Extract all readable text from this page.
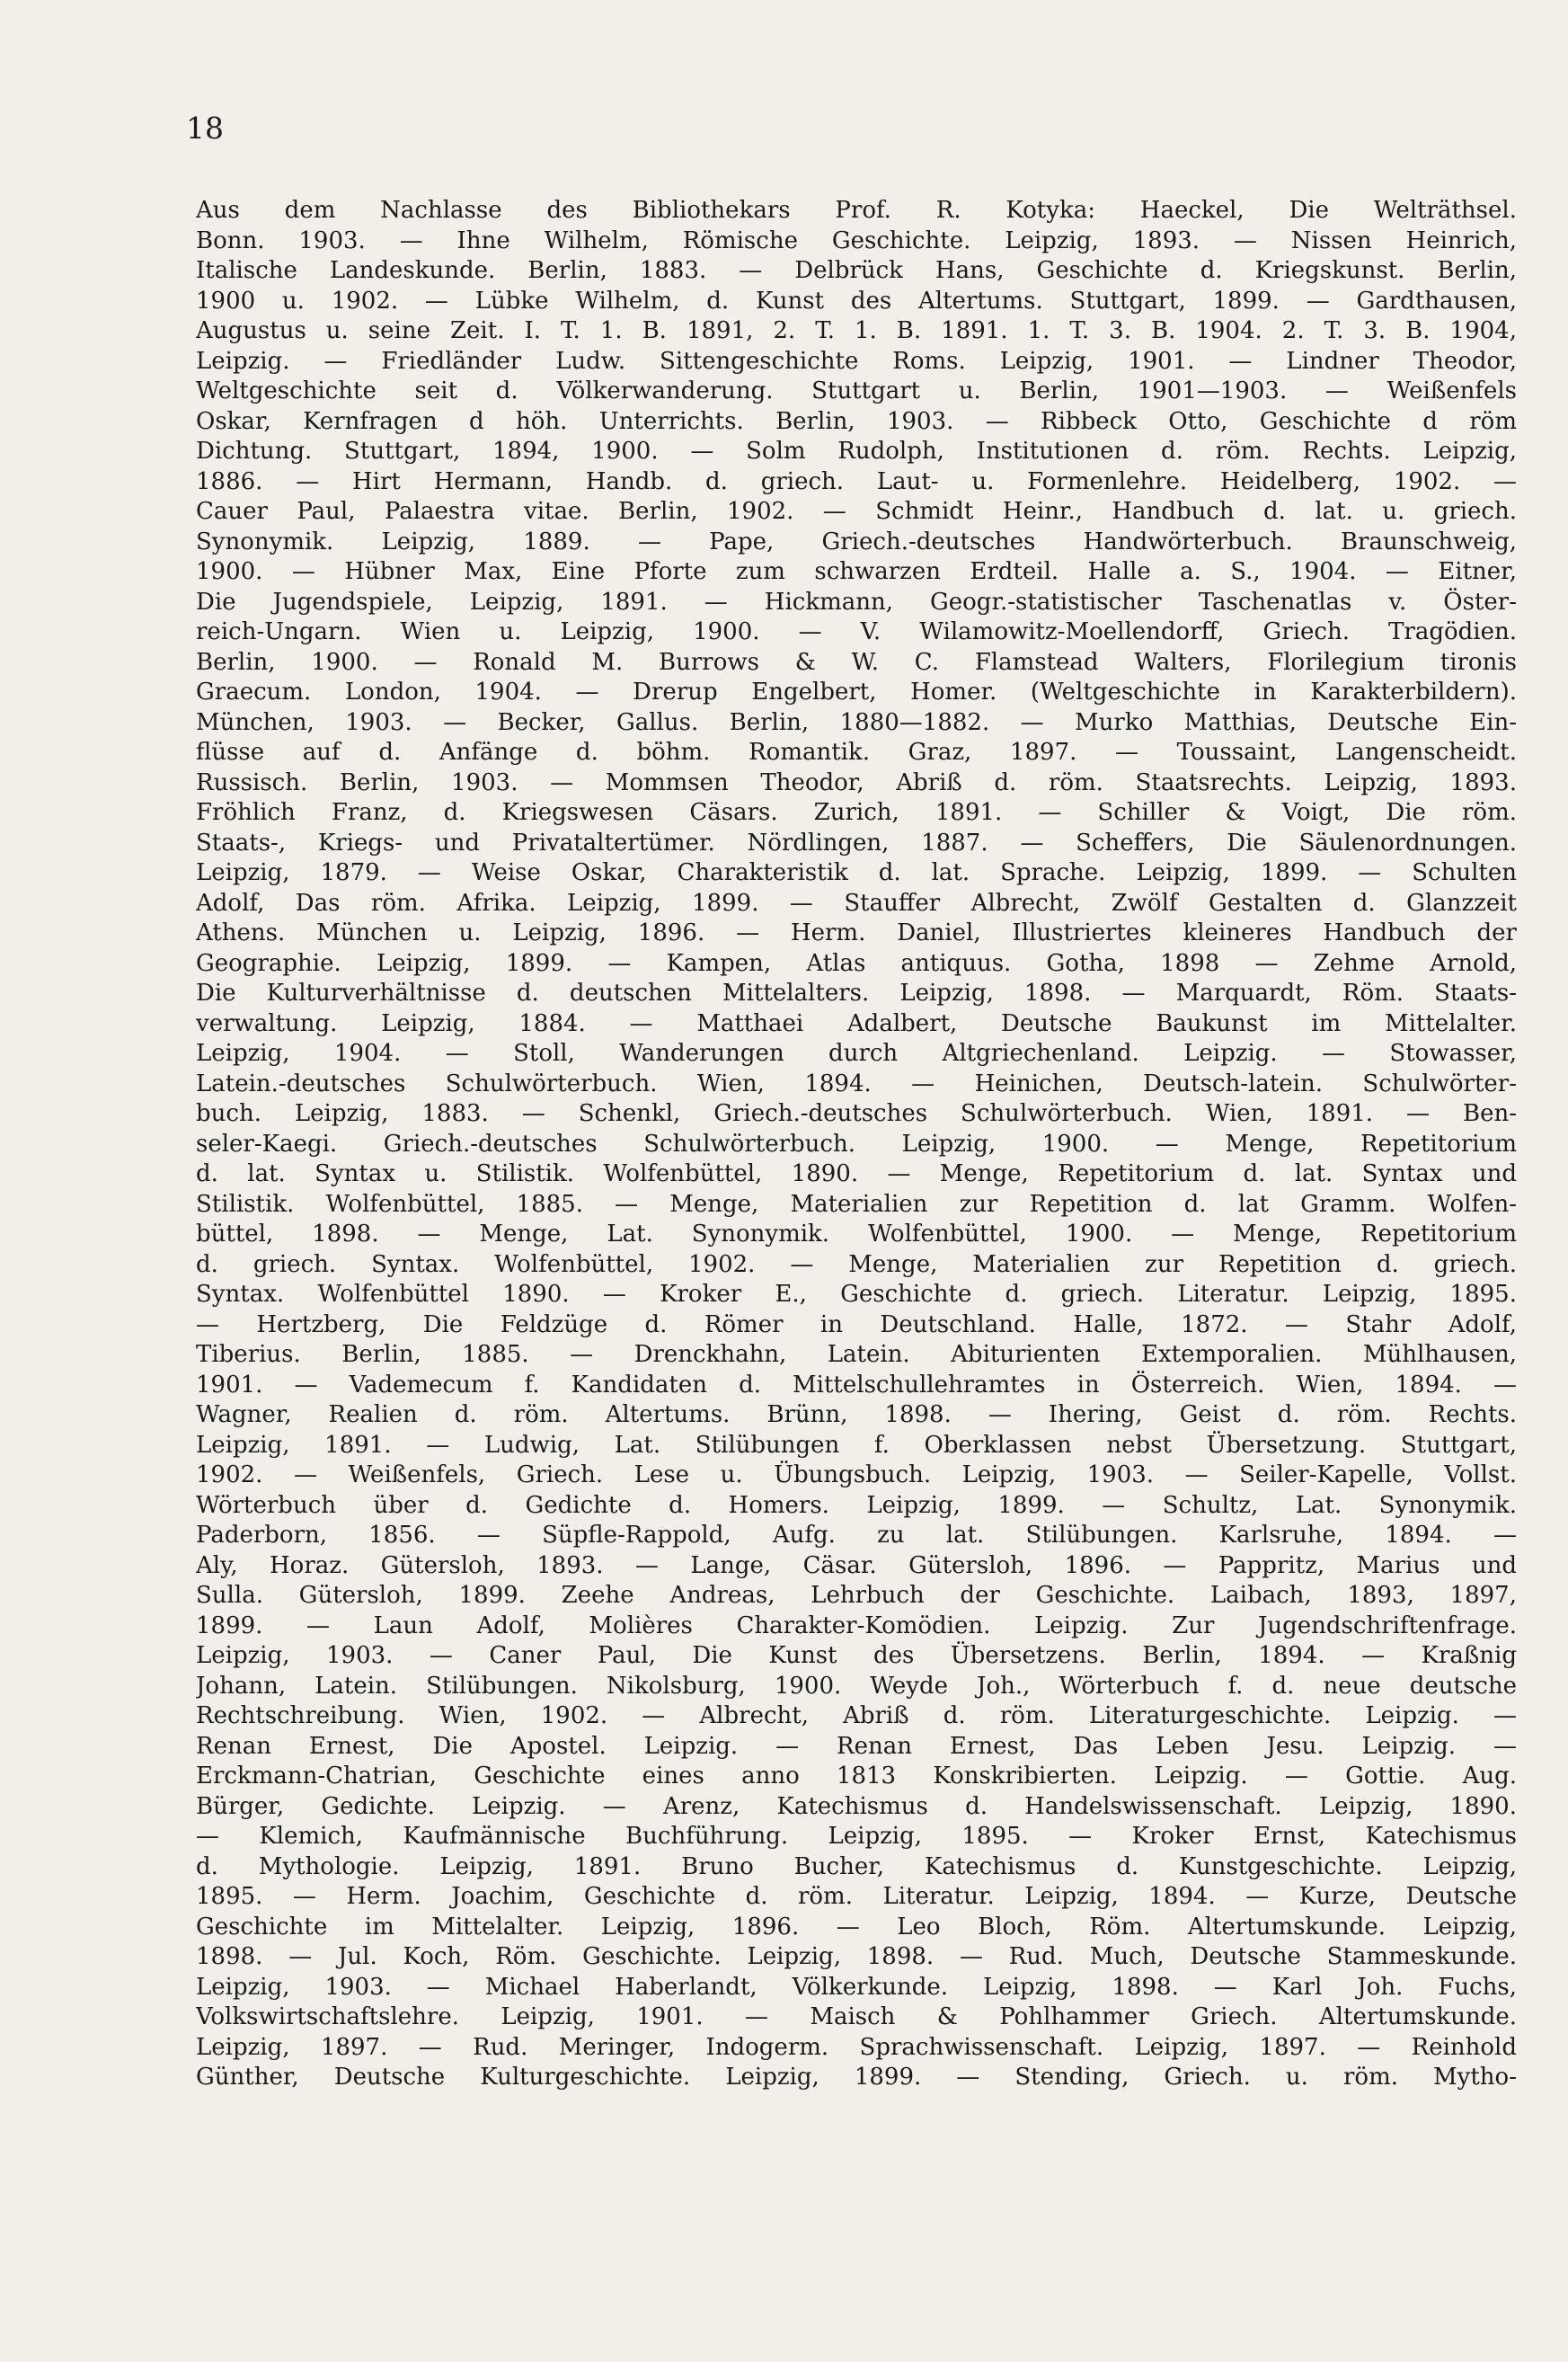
18
Aus dem Nachlasse des Bibliothekars Prof. R. Kotyka: Haeckel, Die Welträthsel.
Bonn. 1903. — Ihne Wilhelm, Römische Geschichte. Leipzig, 1893. — Nissen Heinrich,
Italische Landeskunde. Berlin, 1883. — Delbrück Hans, Geschichte d. Kriegskunst. Berlin,
1900 u. 1902. — Lübke Wilhelm, d. Kunst des Altertums. Stuttgart, 1899. — Gardthausen,
Augustus u. seine Zeit. I. T. 1. B. 1891, 2. T. 1. B. 1891. 1. T. 3. B. 1904. 2. T. 3. B. 1904,
Leipzig. — Friedländer Ludw. Sittengeschichte Roms. Leipzig, 1901. — Lindner Theodor,
Weltgeschichte seit d. Völkerwanderung. Stuttgart u. Berlin, 1901—1903. — Weißenfels
Oskar, Kernfragen d höh. Unterrichts. Berlin, 1903. — Ribbeck Otto, Geschichte d röm
Dichtung. Stuttgart, 1894, 1900. — Solm Rudolph, Institutionen d. röm. Rechts. Leipzig,
1886. — Hirt Hermann, Handb. d. griech. Laut- u. Formenlehre. Heidelberg, 1902. —
Cauer Paul, Palaestra vitae. Berlin, 1902. — Schmidt Heinr., Handbuch d. lat. u. griech.
Synonymik. Leipzig, 1889. — Pape, Griech.-deutsches Handwörterbuch. Braunschweig,
1900. — Hübner Max, Eine Pforte zum schwarzen Erdteil. Halle a. S., 1904. — Eitner,
Die Jugendspiele, Leipzig, 1891. — Hickmann, Geogr.-statistischer Taschenatlas v. Öster-
reich-Ungarn. Wien u. Leipzig, 1900. — V. Wilamowitz-Moellendorff, Griech. Tragödien.
Berlin, 1900. — Ronald M. Burrows & W. C. Flamstead Walters, Florilegium tironis
Graecum. London, 1904. — Drerup Engelbert, Homer. (Weltgeschichte in Karakterbildern).
München, 1903. — Becker, Gallus. Berlin, 1880—1882. — Murko Matthias, Deutsche Ein-
flüsse auf d. Anfänge d. böhm. Romantik. Graz, 1897. — Toussaint, Langenscheidt.
Russisch. Berlin, 1903. — Mommsen Theodor, Abriß d. röm. Staatsrechts. Leipzig, 1893.
Fröhlich Franz, d. Kriegswesen Cäsars. Zurich, 1891. — Schiller & Voigt, Die röm.
Staats-, Kriegs- und Privataltertümer. Nördlingen, 1887. — Scheffers, Die Säulenordnungen.
Leipzig, 1879. — Weise Oskar, Charakteristik d. lat. Sprache. Leipzig, 1899. — Schulten
Adolf, Das röm. Afrika. Leipzig, 1899. — Stauffer Albrecht, Zwölf Gestalten d. Glanzzeit
Athens. München u. Leipzig, 1896. — Herm. Daniel, Illustriertes kleineres Handbuch der
Geographie. Leipzig, 1899. — Kampen, Atlas antiquus. Gotha, 1898 — Zehme Arnold,
Die Kulturverhältnisse d. deutschen Mittelalters. Leipzig, 1898. — Marquardt, Röm. Staats-
verwaltung. Leipzig, 1884. — Matthaei Adalbert, Deutsche Baukunst im Mittelalter.
Leipzig, 1904. — Stoll, Wanderungen durch Altgriechenland. Leipzig. — Stowasser,
Latein.-deutsches Schulwörterbuch. Wien, 1894. — Heinichen, Deutsch-latein. Schulwörter-
buch. Leipzig, 1883. — Schenkl, Griech.-deutsches Schulwörterbuch. Wien, 1891. — Ben-
seler-Kaegi. Griech.-deutsches Schulwörterbuch. Leipzig, 1900. — Menge, Repetitorium
d. lat. Syntax u. Stilistik. Wolfenbüttel, 1890. — Menge, Repetitorium d. lat. Syntax und
Stilistik. Wolfenbüttel, 1885. — Menge, Materialien zur Repetition d. lat Gramm. Wolfen-
büttel, 1898. — Menge, Lat. Synonymik. Wolfenbüttel, 1900. — Menge, Repetitorium
d. griech. Syntax. Wolfenbüttel, 1902. — Menge, Materialien zur Repetition d. griech.
Syntax. Wolfenbüttel 1890. — Kroker E., Geschichte d. griech. Literatur. Leipzig, 1895.
— Hertzberg, Die Feldzüge d. Römer in Deutschland. Halle, 1872. — Stahr Adolf,
Tiberius. Berlin, 1885. — Drenckhahn, Latein. Abiturienten Extemporalien. Mühlhausen,
1901. — Vademecum f. Kandidaten d. Mittelschullehramtes in Österreich. Wien, 1894. —
Wagner, Realien d. röm. Altertums. Brünn, 1898. — Ihering, Geist d. röm. Rechts.
Leipzig, 1891. — Ludwig, Lat. Stilübungen f. Oberklassen nebst Übersetzung. Stuttgart,
1902. — Weißenfels, Griech. Lese u. Übungsbuch. Leipzig, 1903. — Seiler-Kapelle, Vollst.
Wörterbuch über d. Gedichte d. Homers. Leipzig, 1899. — Schultz, Lat. Synonymik.
Paderborn, 1856. — Süpfle-Rappold, Aufg. zu lat. Stilübungen. Karlsruhe, 1894. —
Aly, Horaz. Gütersloh, 1893. — Lange, Cäsar. Gütersloh, 1896. — Pappritz, Marius und
Sulla. Gütersloh, 1899. Zeehe Andreas, Lehrbuch der Geschichte. Laibach, 1893, 1897,
1899. — Laun Adolf, Molières Charakter-Komödien. Leipzig. Zur Jugendschriftenfrage.
Leipzig, 1903. — Caner Paul, Die Kunst des Übersetzens. Berlin, 1894. — Kraßnig
Johann, Latein. Stilübungen. Nikolsburg, 1900. Weyde Joh., Wörterbuch f. d. neue deutsche
Rechtschreibung. Wien, 1902. — Albrecht, Abriß d. röm. Literaturgeschichte. Leipzig. —
Renan Ernest, Die Apostel. Leipzig. — Renan Ernest, Das Leben Jesu. Leipzig. —
Erckmann-Chatrian, Geschichte eines anno 1813 Konskribierten. Leipzig. — Gottie. Aug.
Bürger, Gedichte. Leipzig. — Arenz, Katechismus d. Handelswissenschaft. Leipzig, 1890.
— Klemich, Kaufmännische Buchführung. Leipzig, 1895. — Kroker Ernst, Katechismus
d. Mythologie. Leipzig, 1891. Bruno Bucher, Katechismus d. Kunstgeschichte. Leipzig,
1895. — Herm. Joachim, Geschichte d. röm. Literatur. Leipzig, 1894. — Kurze, Deutsche
Geschichte im Mittelalter. Leipzig, 1896. — Leo Bloch, Röm. Altertumskunde. Leipzig,
1898. — Jul. Koch, Röm. Geschichte. Leipzig, 1898. — Rud. Much, Deutsche Stammeskunde.
Leipzig, 1903. — Michael Haberlandt, Völkerkunde. Leipzig, 1898. — Karl Joh. Fuchs,
Volkswirtschaftslehre. Leipzig, 1901. — Maisch & Pohlhammer Griech. Altertumskunde.
Leipzig, 1897. — Rud. Meringer, Indogerm. Sprachwissenschaft. Leipzig, 1897. — Reinhold
Günther, Deutsche Kulturgeschichte. Leipzig, 1899. — Stending, Griech. u. röm. Mytho-
